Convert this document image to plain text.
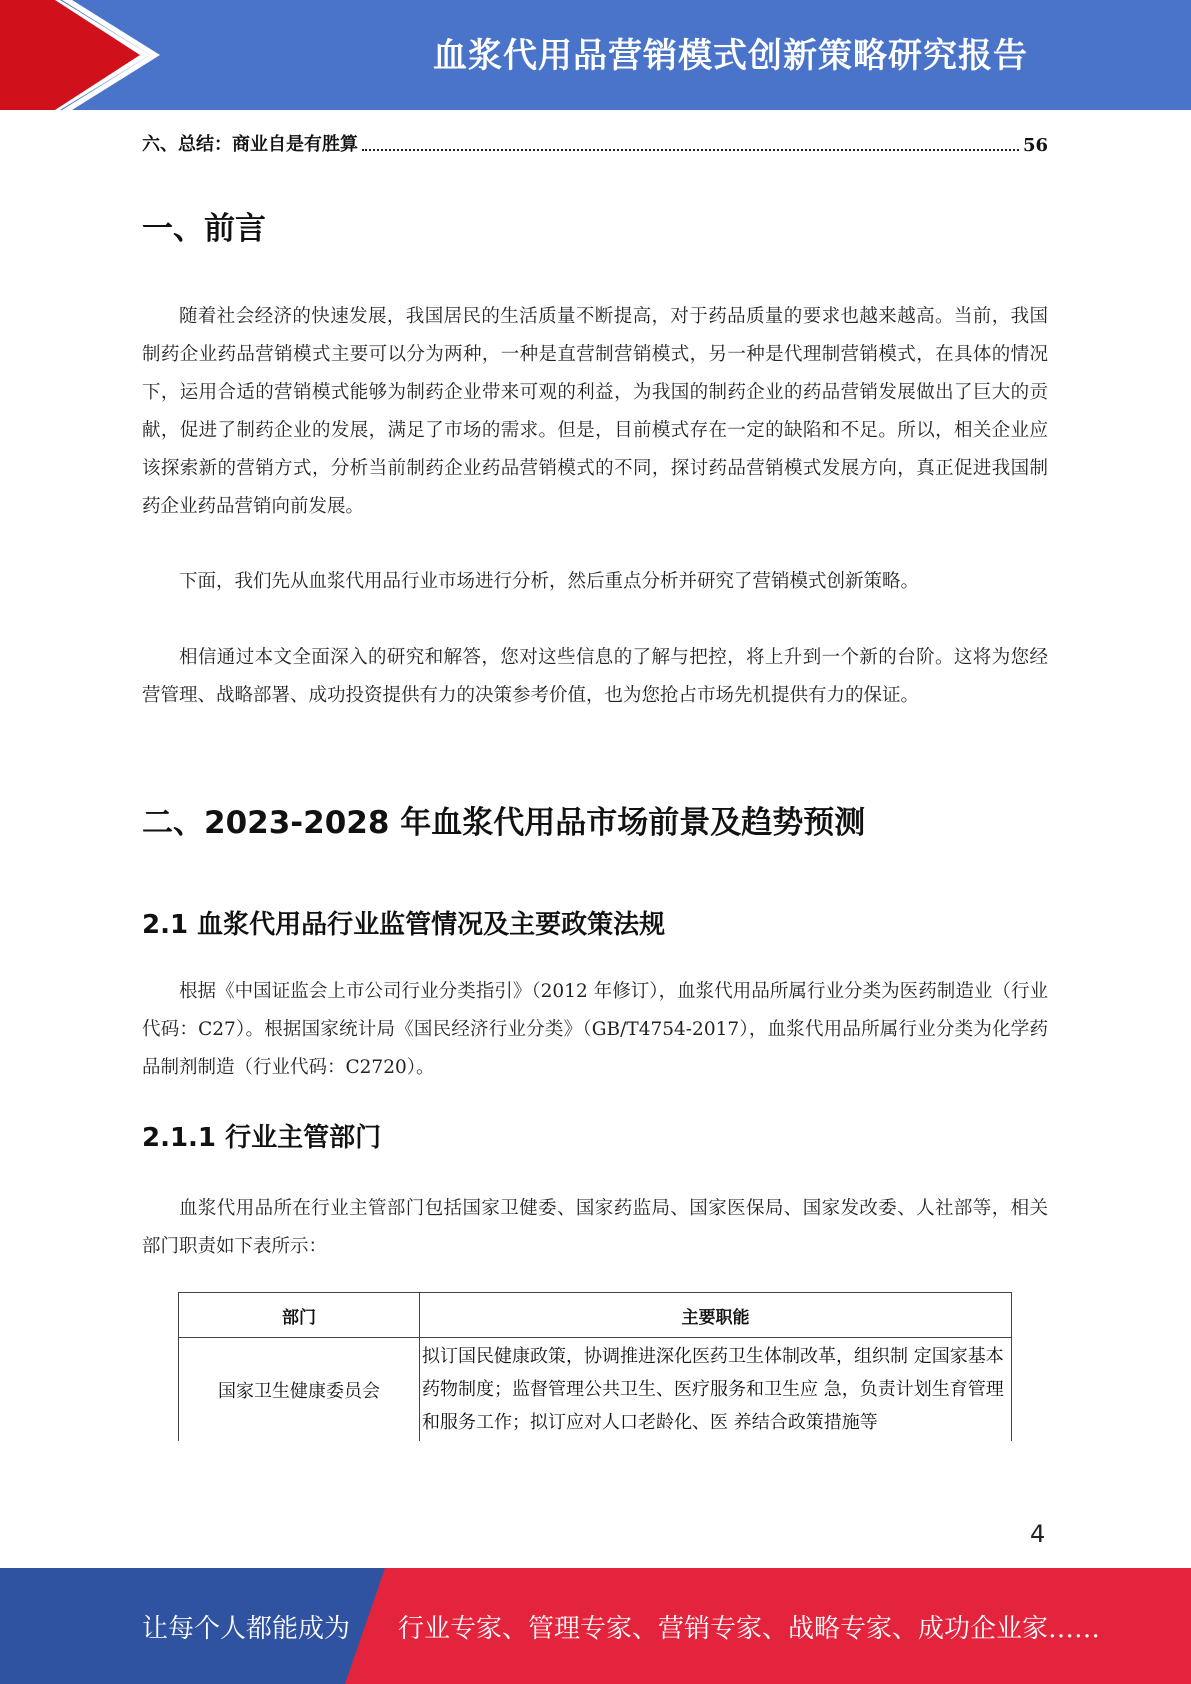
血浆代用品营销模式创新策略研究报告
六、总结：商业自是有胜算	56
一、前言
随着社会经济的快速发展，我国居民的生活质量不断提高，对于药品质量的要求也越来越高。当前，我国制药企业药品营销模式主要可以分为两种，一种是直营制营销模式，另一种是代理制营销模式，在具体的情况下，运用合适的营销模式能够为制药企业带来可观的利益，为我国的制药企业的药品营销发展做出了巨大的贡献，促进了制药企业的发展，满足了市场的需求。但是，目前模式存在一定的缺陷和不足。所以，相关企业应该探索新的营销方式，分析当前制药企业药品营销模式的不同，探讨药品营销模式发展方向，真正促进我国制药企业药品营销向前发展。
下面，我们先从血浆代用品行业市场进行分析，然后重点分析并研究了营销模式创新策略。
相信通过本文全面深入的研究和解答，您对这些信息的了解与把控，将上升到一个新的台阶。这将为您经营管理、战略部署、成功投资提供有力的决策参考价值，也为您抢占市场先机提供有力的保证。
二、2023-2028 年血浆代用品市场前景及趋势预测
2.1 血浆代用品行业监管情况及主要政策法规
根据《中国证监会上市公司行业分类指引》（2012 年修订），血浆代用品所属行业分类为医药制造业（行业代码：C27）。根据国家统计局《国民经济行业分类》（GB/T4754-2017），血浆代用品所属行业分类为化学药品制剂制造（行业代码：C2720）。
2.1.1 行业主管部门
血浆代用品所在行业主管部门包括国家卫健委、国家药监局、国家医保局、国家发改委、人社部等，相关部门职责如下表所示：
部门	主要职能
国家卫生健康委员会	拟订国民健康政策，协调推进深化医药卫生体制改革，组织制 定国家基本药物制度；监督管理公共卫生、医疗服务和卫生应 急，负责计划生育管理和服务工作；拟订应对人口老龄化、医 养结合政策措施等
4
让每个人都能成为 行业专家、管理专家、营销专家、战略专家、成功企业家……
